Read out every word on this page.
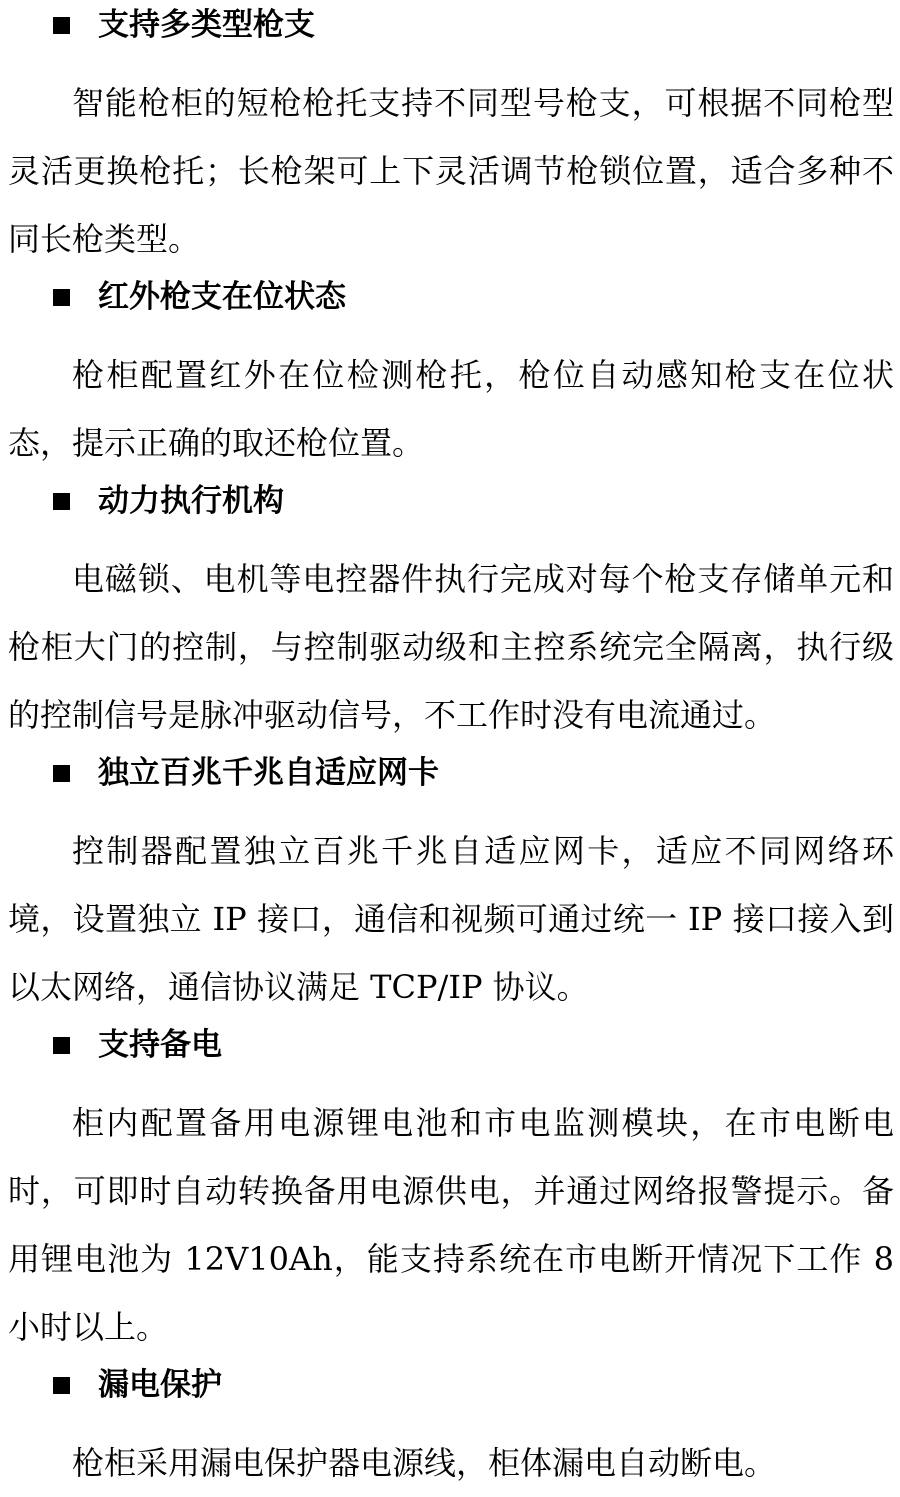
支持多类型枪支

智能枪柜的短枪枪托支持不同型号枪支，可根据不同枪型灵活更换枪托；长枪架可上下灵活调节枪锁位置，适合多种不同长枪类型。

红外枪支在位状态

枪柜配置红外在位检测枪托，枪位自动感知枪支在位状态，提示正确的取还枪位置。

动力执行机构

电磁锁、电机等电控器件执行完成对每个枪支存储单元和枪柜大门的控制，与控制驱动级和主控系统完全隔离，执行级的控制信号是脉冲驱动信号，不工作时没有电流通过。

独立百兆千兆自适应网卡

控制器配置独立百兆千兆自适应网卡，适应不同网络环境，设置独立 IP 接口，通信和视频可通过统一 IP 接口接入到以太网络，通信协议满足 TCP/IP 协议。

支持备电

柜内配置备用电源锂电池和市电监测模块，在市电断电时，可即时自动转换备用电源供电，并通过网络报警提示。备用锂电池为 12V10Ah，能支持系统在市电断开情况下工作 8 小时以上。

漏电保护

枪柜采用漏电保护器电源线，柜体漏电自动断电。
